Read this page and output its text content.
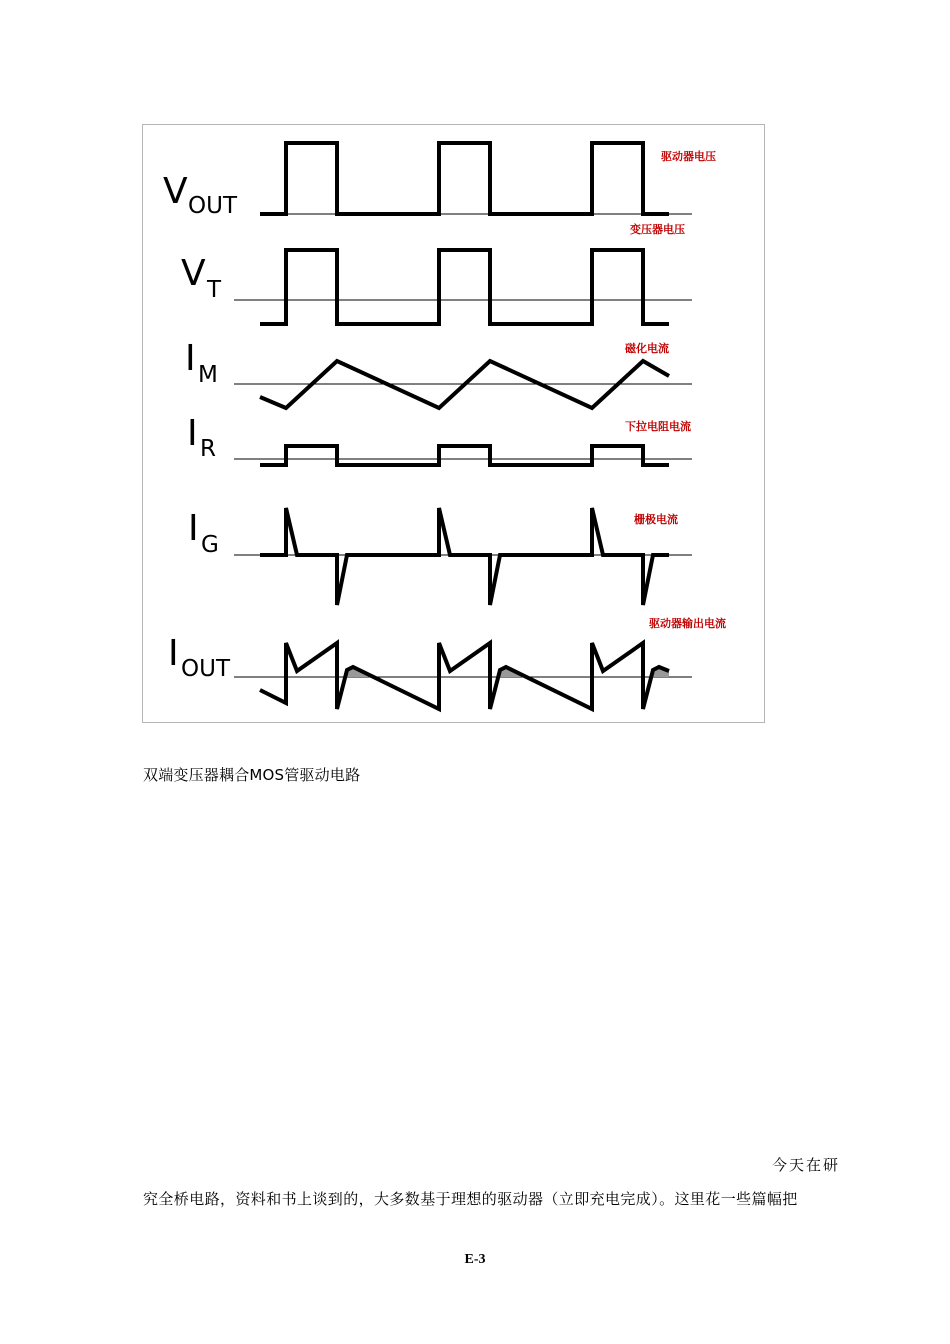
V OUT
V T
I M
I R
I G
I OUT
驱动器电压
变压器电压
磁化电流
下拉电阻电流
栅极电流
驱动器输出电流
双端变压器耦合MOS管驱动电路
今天在研
究全桥电路，资料和书上谈到的，大多数基于理想的驱动器（立即充电完成）。这里花一些篇幅把
E-3
